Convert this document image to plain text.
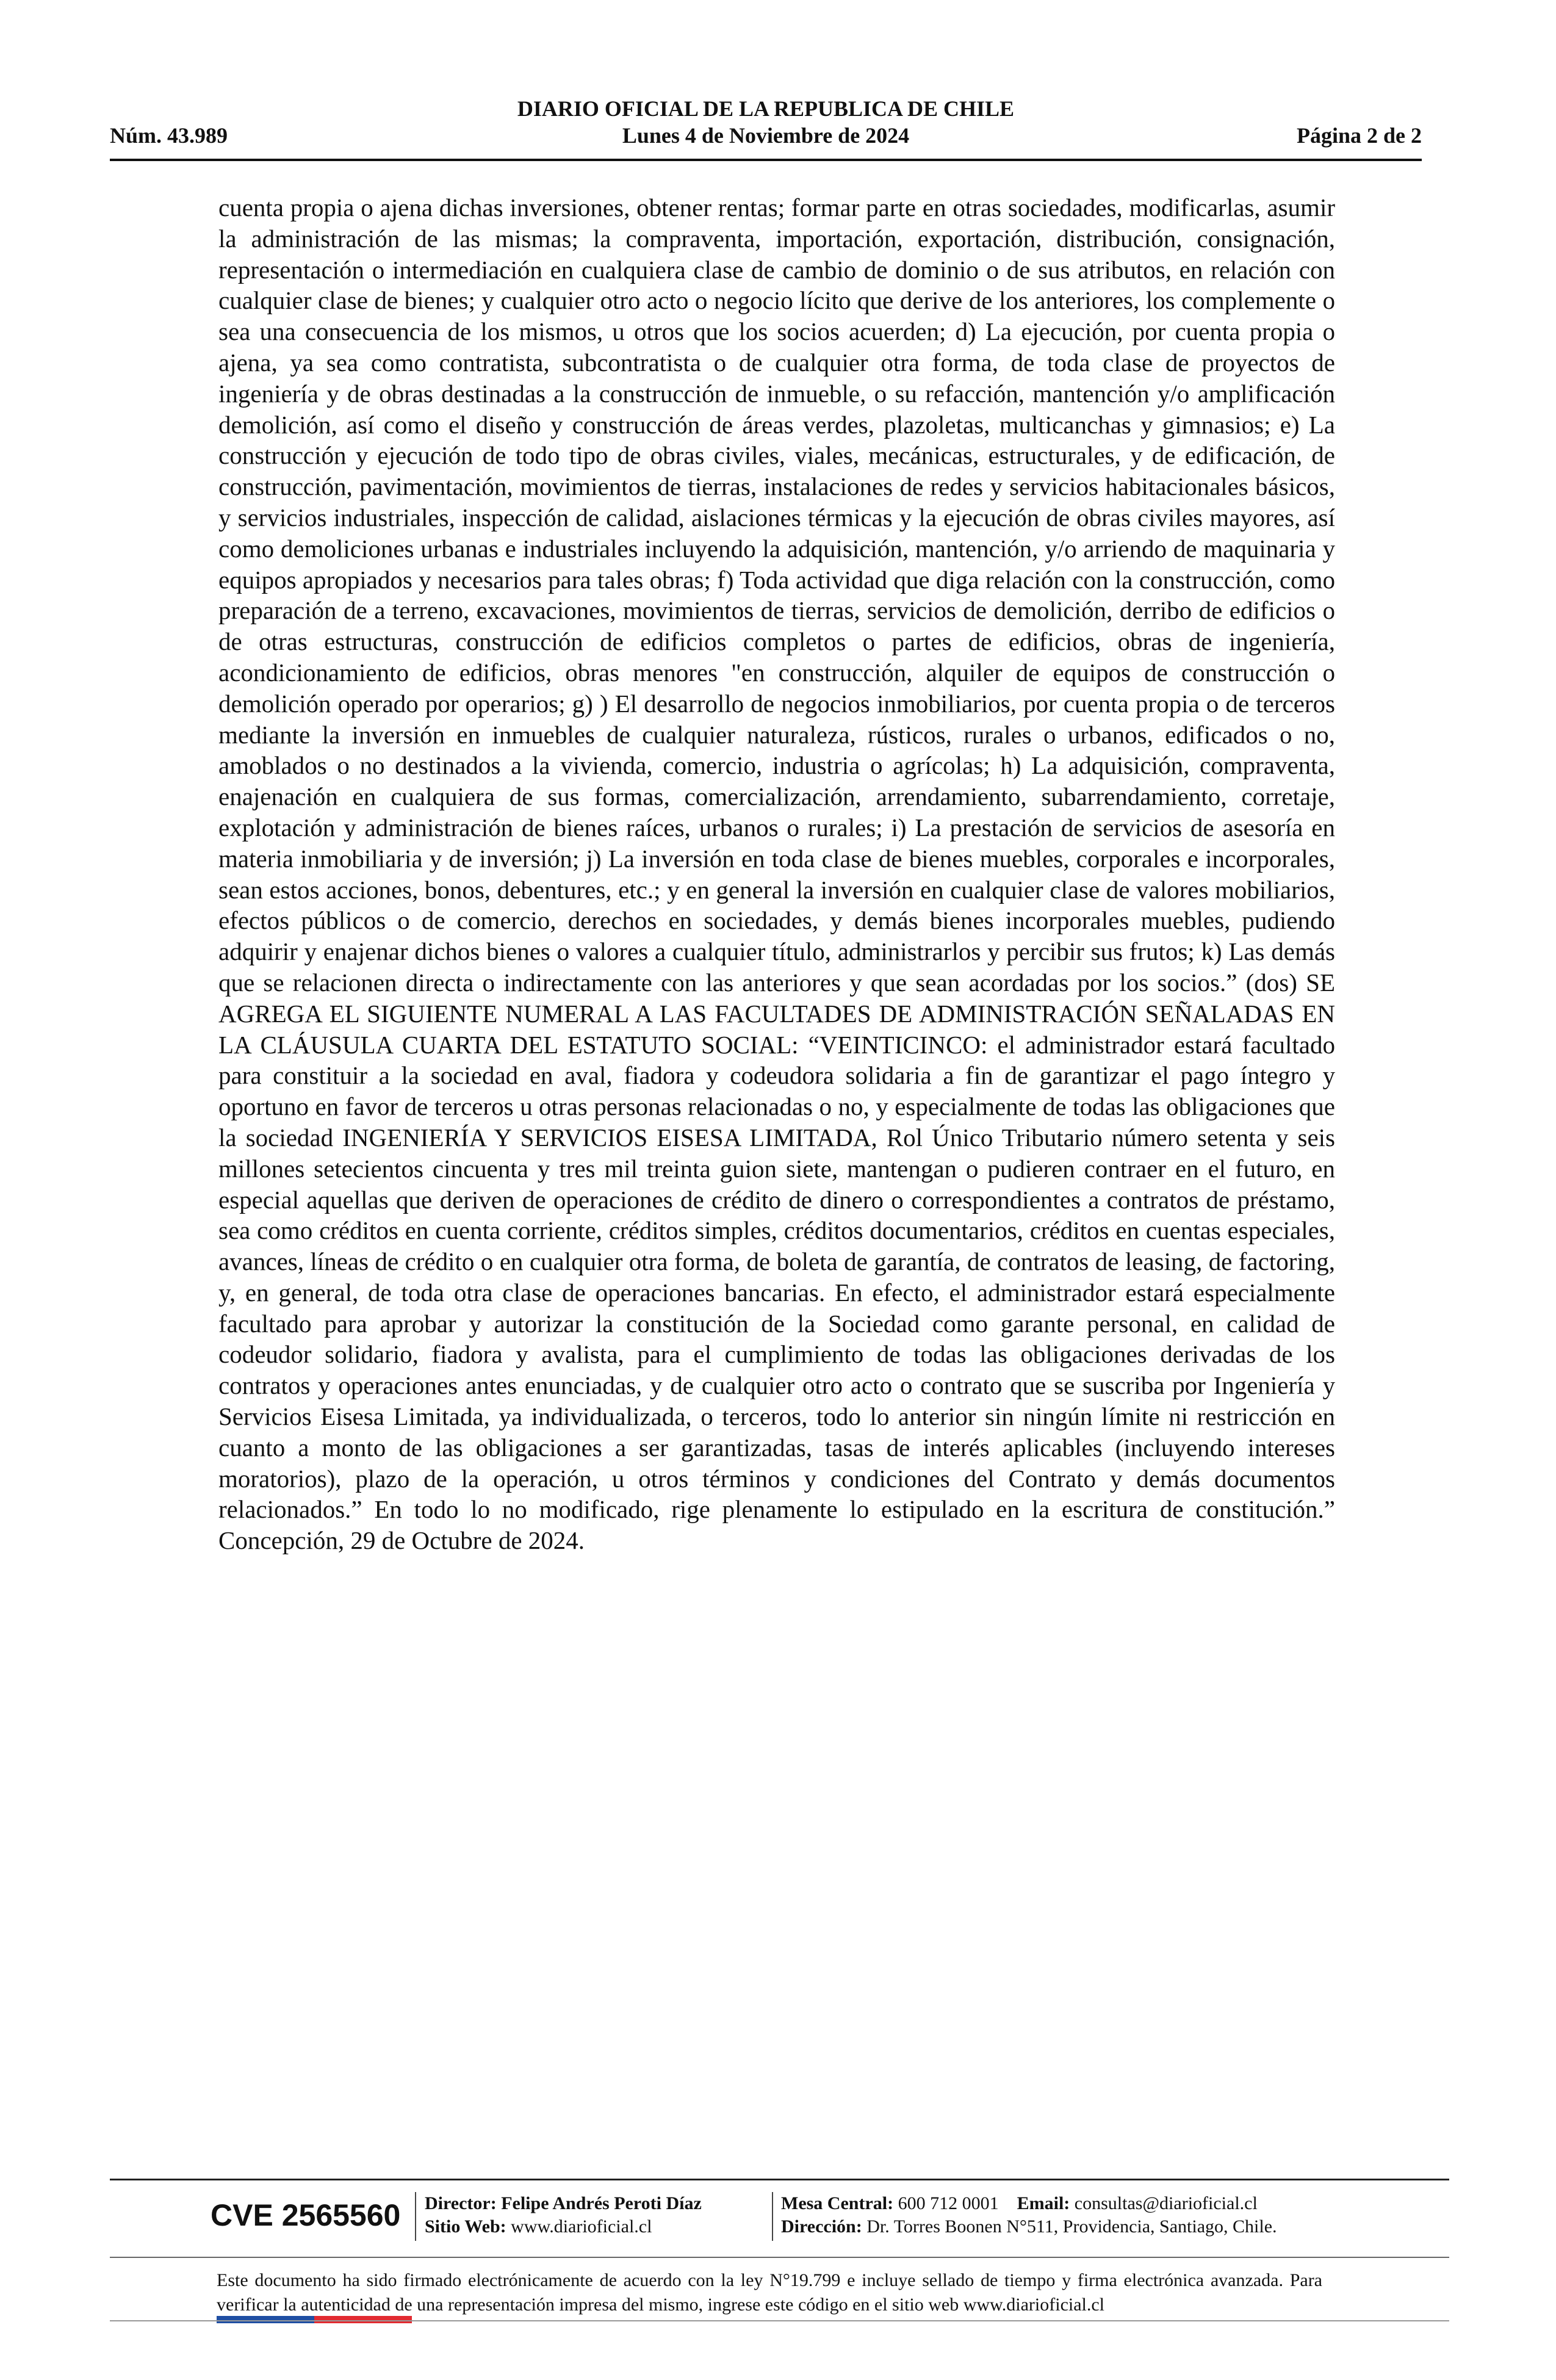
DIARIO OFICIAL DE LA REPUBLICA DE CHILE
Núm. 43.989	Lunes 4 de Noviembre de 2024	Página 2 de 2
cuenta propia o ajena dichas inversiones, obtener rentas; formar parte en otras sociedades, modificarlas, asumir la administración de las mismas; la compraventa, importación, exportación, distribución, consignación, representación o intermediación en cualquiera clase de cambio de dominio o de sus atributos, en relación con cualquier clase de bienes; y cualquier otro acto o negocio lícito que derive de los anteriores, los complemente o sea una consecuencia de los mismos, u otros que los socios acuerden; d) La ejecución, por cuenta propia o ajena, ya sea como contratista, subcontratista o de cualquier otra forma, de toda clase de proyectos de ingeniería y de obras destinadas a la construcción de inmueble, o su refacción, mantención y/o amplificación demolición, así como el diseño y construcción de áreas verdes, plazoletas, multicanchas y gimnasios; e) La construcción y ejecución de todo tipo de obras civiles, viales, mecánicas, estructurales, y de edificación, de construcción, pavimentación, movimientos de tierras, instalaciones de redes y servicios habitacionales básicos, y servicios industriales, inspección de calidad, aislaciones térmicas y la ejecución de obras civiles mayores, así como demoliciones urbanas e industriales incluyendo la adquisición, mantención, y/o arriendo de maquinaria y equipos apropiados y necesarios para tales obras; f) Toda actividad que diga relación con la construcción, como preparación de a terreno, excavaciones, movimientos de tierras, servicios de demolición, derribo de edificios o de otras estructuras, construcción de edificios completos o partes de edificios, obras de ingeniería, acondicionamiento de edificios, obras menores "en construcción, alquiler de equipos de construcción o demolición operado por operarios; g) ) El desarrollo de negocios inmobiliarios, por cuenta propia o de terceros mediante la inversión en inmuebles de cualquier naturaleza, rústicos, rurales o urbanos, edificados o no, amoblados o no destinados a la vivienda, comercio, industria o agrícolas; h) La adquisición, compraventa, enajenación en cualquiera de sus formas, comercialización, arrendamiento, subarrendamiento, corretaje, explotación y administración de bienes raíces, urbanos o rurales; i) La prestación de servicios de asesoría en materia inmobiliaria y de inversión; j) La inversión en toda clase de bienes muebles, corporales e incorporales, sean estos acciones, bonos, debentures, etc.; y en general la inversión en cualquier clase de valores mobiliarios, efectos públicos o de comercio, derechos en sociedades, y demás bienes incorporales muebles, pudiendo adquirir y enajenar dichos bienes o valores a cualquier título, administrarlos y percibir sus frutos; k) Las demás que se relacionen directa o indirectamente con las anteriores y que sean acordadas por los socios.” (dos) SE AGREGA EL SIGUIENTE NUMERAL A LAS FACULTADES DE ADMINISTRACIÓN SEÑALADAS EN LA CLÁUSULA CUARTA DEL ESTATUTO SOCIAL: “VEINTICINCO: el administrador estará facultado para constituir a la sociedad en aval, fiadora y codeudora solidaria a fin de garantizar el pago íntegro y oportuno en favor de terceros u otras personas relacionadas o no, y especialmente de todas las obligaciones que la sociedad INGENIERÍA Y SERVICIOS EISESA LIMITADA, Rol Único Tributario número setenta y seis millones setecientos cincuenta y tres mil treinta guion siete, mantengan o pudieren contraer en el futuro, en especial aquellas que deriven de operaciones de crédito de dinero o correspondientes a contratos de préstamo, sea como créditos en cuenta corriente, créditos simples, créditos documentarios, créditos en cuentas especiales, avances, líneas de crédito o en cualquier otra forma, de boleta de garantía, de contratos de leasing, de factoring, y, en general, de toda otra clase de operaciones bancarias. En efecto, el administrador estará especialmente facultado para aprobar y autorizar la constitución de la Sociedad como garante personal, en calidad de codeudor solidario, fiadora y avalista, para el cumplimiento de todas las obligaciones derivadas de los contratos y operaciones antes enunciadas, y de cualquier otro acto o contrato que se suscriba por Ingeniería y Servicios Eisesa Limitada, ya individualizada, o terceros, todo lo anterior sin ningún límite ni restricción en cuanto a monto de las obligaciones a ser garantizadas, tasas de interés aplicables (incluyendo intereses moratorios), plazo de la operación, u otros términos y condiciones del Contrato y demás documentos relacionados.” En todo lo no modificado, rige plenamente lo estipulado en la escritura de constitución.” Concepción, 29 de Octubre de 2024.
CVE 2565560 Director: Felipe Andrés Peroti Díaz
Sitio Web: www.diarioficial.cl
Mesa Central: 600 712 0001 Email: consultas@diarioficial.cl
Dirección: Dr. Torres Boonen N°511, Providencia, Santiago, Chile.
Este documento ha sido firmado electrónicamente de acuerdo con la ley N°19.799 e incluye sellado de tiempo y firma electrónica avanzada. Para verificar la autenticidad de una representación impresa del mismo, ingrese este código en el sitio web www.diarioficial.cl
